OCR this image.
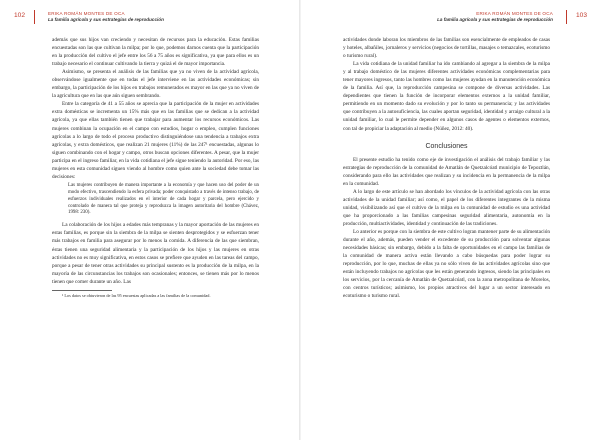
102	ERIKA ROMÁN MONTES DE OCA
La familia agrícola y sus estrategias de reproducción

además que sus hijos van creciendo y necesitan de recursos para la educación. Estas familias encuestadas son las que cultivan la milpa; por lo que, podemos darnos cuenta que la participación en la producción del cultivo el jefe entre los 56 a 75 años es significativa, ya que para ellos es un trabajo necesario el continuar cultivando la tierra y quizá el de mayor importancia.

Asimismo, se presenta el análisis de las familias que ya no viven de la actividad agrícola, observándose igualmente que en todas el jefe interviene en las actividades económicas; sin embargo, la participación de los hijos en trabajos remunerados es mayor en las que ya no viven de la agricultura que en las que aún siguen sembrando.

Entre la categoría de 41 a 55 años se aprecia que la participación de la mujer en actividades extra domésticas se incrementa un 15% más que en las familias que se dedican a la actividad agrícola, ya que ellas también tienen que trabajar para aumentar los recursos económicos. Las mujeres combinan la ocupación en el campo con estudios, hogar o empleo, cumplen funciones agrícolas a lo largo de todo el proceso productivo distinguiéndose una tendencia a trabajos extra agrícolas, y extra domésticos, que realizan 21 mujeres (11%) de las 247¹ encuestadas, algunas lo siguen combinando con el hogar y campo, otros buscan opciones diferentes. A pesar, que la mujer participa en el ingreso familiar, en la vida cotidiana el jefe sigue teniendo la autoridad. Por eso, las mujeres en esta comunidad siguen viendo al hombre como quien ante la sociedad debe tomar las decisiones:

Las mujeres contribuyen de manera importante a la economía y que hacen uso del poder de un modo efectivo, trascendiendo la esfera privada; poder conquistado a través de intenso trabajo, de esfuerzos individuales realizados en el interior de cada hogar y parcela, pero ejercido y controlado de manera tal que proteja y reproduzca la imagen autoritaria del hombre (Chávez, 1998: 230).

La colaboración de los hijos a edades más tempranas y la mayor aportación de las mujeres en estas familias, es porque sin la siembra de la milpa se sienten desprotegidos y se esfuerzan tener más trabajos en familia para asegurar por lo menos la comida. A diferencia de las que siembran, éstas tienen una seguridad alimentaria y la participación de los hijos y las mujeres en otras actividades no es muy significativa, en estos casos se prefiere que ayuden en las tareas del campo, porque a pesar de tener otras actividades su principal sustento es la producción de la milpa, en la mayoría de las circunstancias los trabajos son ocasionales; entonces, se tienen más por lo menos tienen que comer durante un año. Las

¹ Los datos se obtuvieron de las 95 encuestas aplicadas a las familias de la comunidad.

103
ERIKA ROMÁN MONTES DE OCA
La familia agrícola y sus estrategias de reproducción

actividades donde laboran los miembros de las familias son esencialmente de empleados de casas y hoteles, albañiles, jornaleros y servicios (negocios de tortillas, masajes o temazcales, ecoturismo o turismo rural).

La vida cotidiana de la unidad familiar ha ido cambiando al agregar a la siembra de la milpa y al trabajo doméstico de las mujeres diferentes actividades económicas complementarias para tener mayores ingresos, tanto las hombres como las mujeres ayudan en la manutención económica de la familia. Así que, la reproducción campesina se compone de diversas actividades. Las dependientes que tienen la función de incorporar elementos externos a la unidad familiar, permitiendo en un momento dado su evolución y por lo tanto su permanencia; y las actividades que contribuyen a la autosuficiencia, las cuales aportan seguridad, identidad y arraigo cultural a la unidad familiar, lo cual le permite depender en algunos casos de agentes o elementos externos, con tal de propiciar la adaptación al medio (Núñez, 2012: 40).

Conclusiones

El presente estudio ha tenido como eje de investigación el análisis del trabajo familiar y las estrategias de reproducción de la comunidad de Amatlán de Quetzalcóatl municipio de Tepoztlán, considerando para ello las actividades que realizan y su incidencia en la permanencia de la milpa en la comunidad.

A lo largo de este artículo se han abordado los vínculos de la actividad agrícola con las otras actividades de la unidad familiar; así como, el papel de los diferentes integrantes de la misma unidad, visibilizando así que el cultivo de la milpa en la comunidad de estudio es una actividad que ha proporcionado a las familias campesinas seguridad alimentaria, autonomía en la producción, multiactividades, identidad y continuación de las tradiciones.

Lo anterior es porque con la siembra de este cultivo logran mantener parte de su alimentación durante el año, además, pueden vender el excedente de su producción para solventar algunas necesidades básicas; sin embargo, debido a la falta de oportunidades en el campo las familias de la comunidad de manera activa están llevando a cabo búsquedas para poder lograr su reproducción, por lo que, muchas de ellas ya no sólo viven de las actividades agrícolas sino que están incluyendo trabajos no agrícolas que les están generando ingresos, siendo las principales en los servicios, por la cercanía de Amatlán de Quetzalcóatl, con la zona metropolitana de Morelos, con centros turísticos; asimismo, los propios atractivos del lugar a un sector interesado en ecoturismo o turismo rural.
